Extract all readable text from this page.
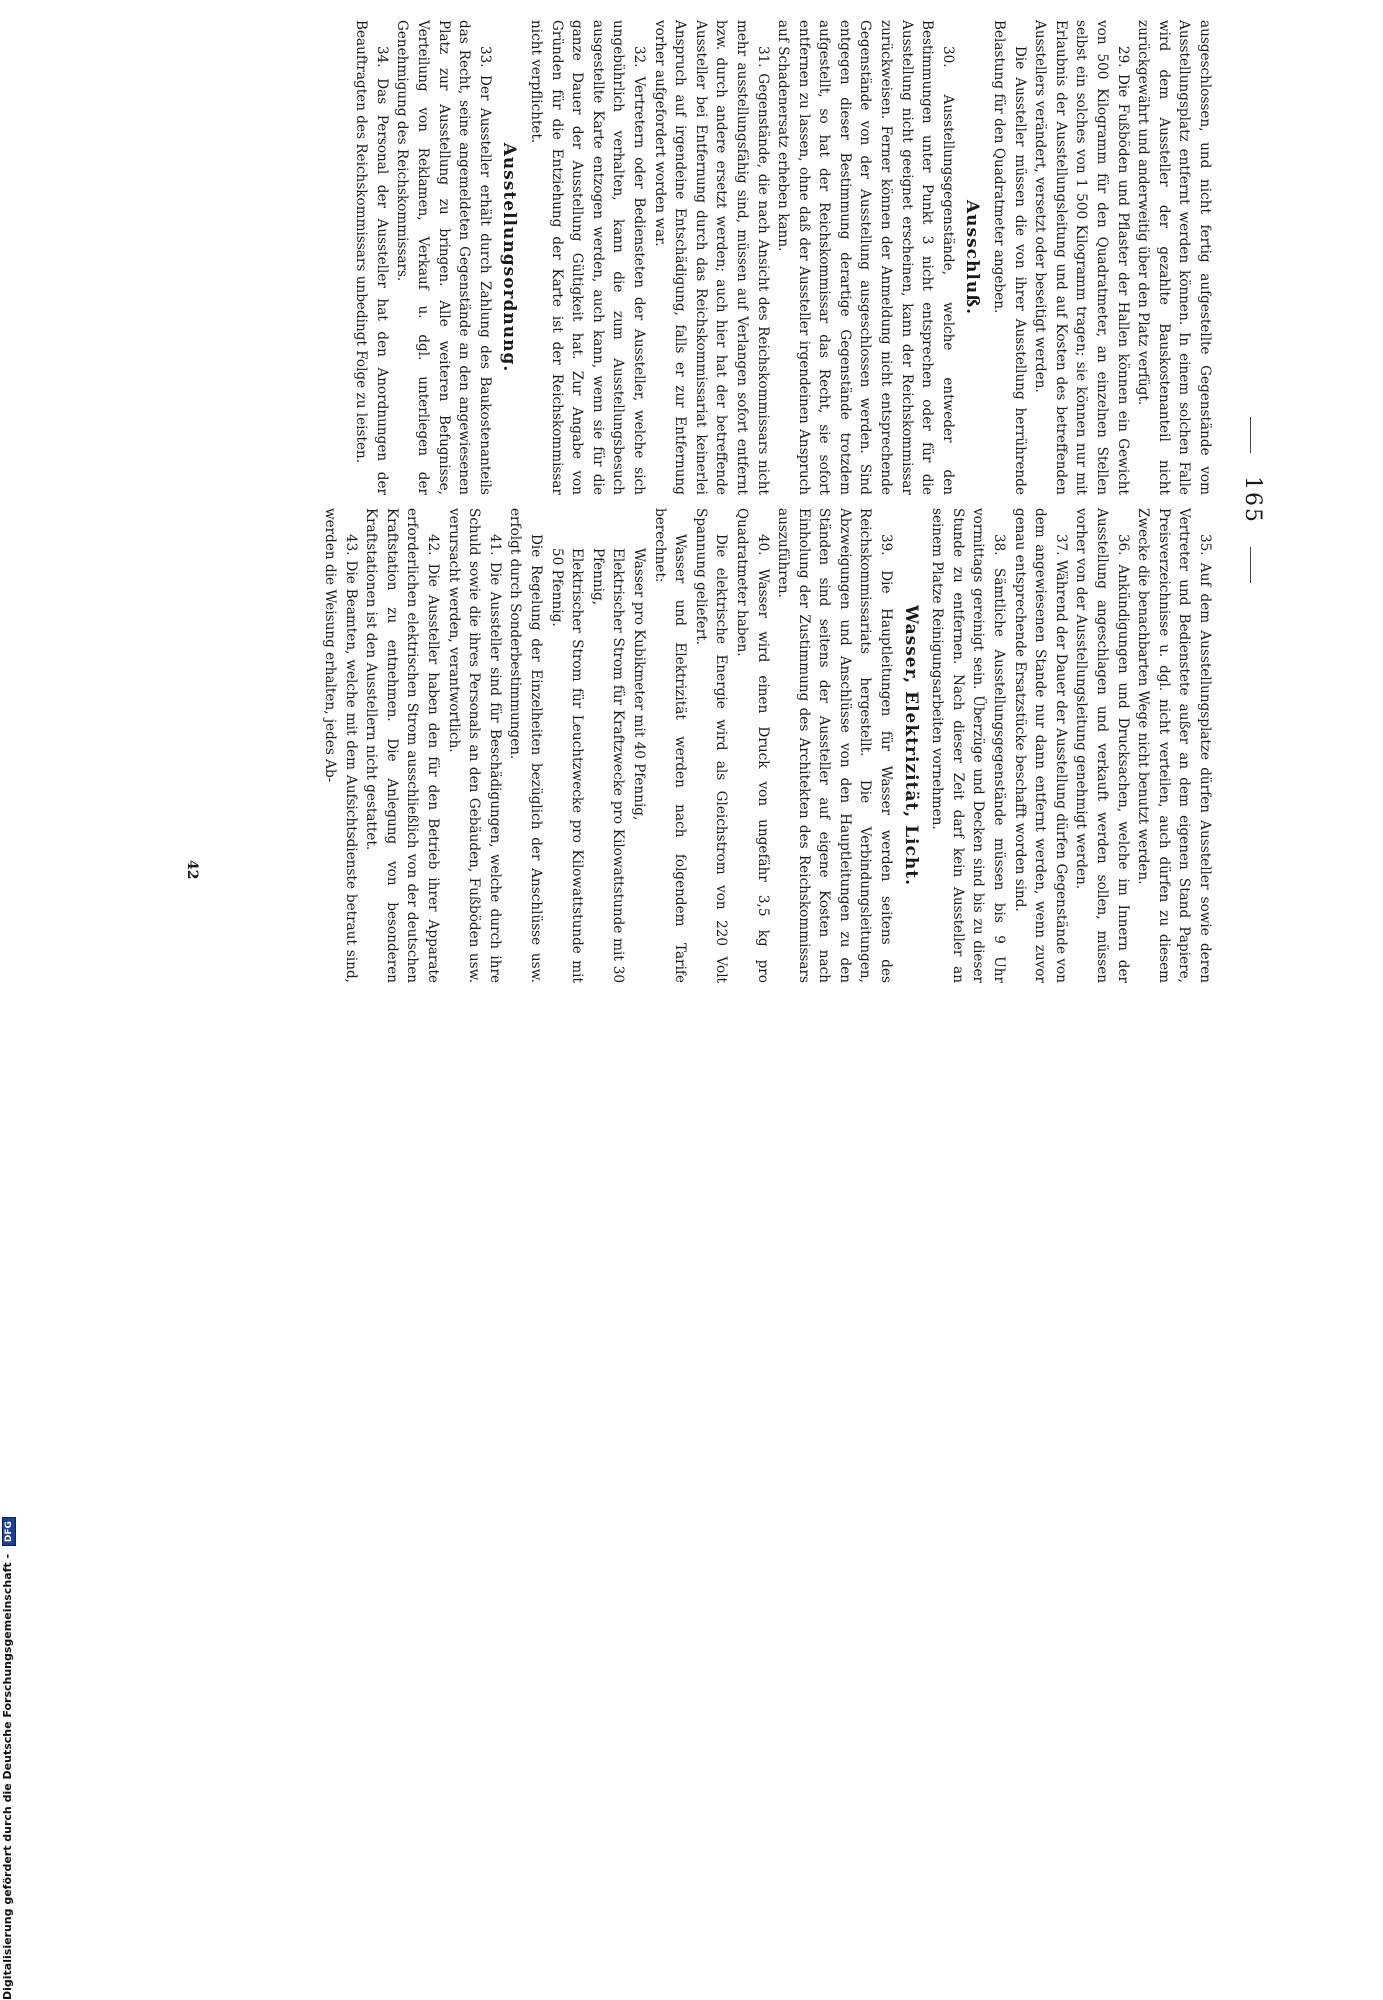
165

ausgeschlossen, und nicht fertig aufgestellte Gegenstände vom Ausstellungsplatz entfernt werden können. In einem solchen Falle wird dem Aussteller der gezahlte Bauskostenanteil nicht zurückgewährt und anderweitig über den Platz verfügt.

29. Die Fußböden und Pflaster der Hallen können ein Gewicht von 500 Kilogramm für den Quadratmeter, an einzelnen Stellen selbst ein solches von 1 500 Kilogramm tragen; sie können nur mit Erlaubnis der Ausstellungsleitung und auf Kosten des betreffenden Ausstellers verändert, versetzt oder beseitigt werden.

Die Aussteller müssen die von ihrer Ausstellung herrührende Belastung für den Quadratmeter angeben.

Ausschluß.

30. Ausstellungsgegenstände, welche entweder den Bestimmungen unter Punkt 3 nicht entsprechen oder für die Ausstellung nicht geeignet erscheinen, kann der Reichskommissar zurückweisen. Ferner können der Anmeldung nicht entsprechende Gegenstände von der Ausstellung ausgeschlossen werden. Sind entgegen dieser Bestimmung derartige Gegenstände trotzdem aufgestellt, so hat der Reichskommissar das Recht, sie sofort entfernen zu lassen, ohne daß der Aussteller irgendeinen Anspruch auf Schadenersatz erheben kann.

31. Gegenstände, die nach Ansicht des Reichskommissars nicht mehr ausstellungsfähig sind, müssen auf Verlangen sofort entfernt bzw. durch andere ersetzt werden; auch hier hat der betreffende Aussteller bei Entfernung durch das Reichskommissariat keinerlei Anspruch auf irgendeine Entschädigung, falls er zur Entfernung vorher aufgefordert worden war.

32. Vertretern oder Bediensteten der Aussteller, welche sich ungebührlich verhalten, kann die zum Ausstellungsbesuch ausgestellte Karte entzogen werden, auch kann, wenn sie für die ganze Dauer der Ausstellung Gültigkeit hat. Zur Angabe von Gründen für die Entziehung der Karte ist der Reichskommissar nicht verpflichtet.

Ausstellungsordnung.

33. Der Aussteller erhält durch Zahlung des Baukostenanteils das Recht, seine angemeldeten Gegenstände an den angewiesenen Platz zur Ausstellung zu bringen. Alle weiteren Befugnisse, Verteilung von Reklamen, Verkauf u. dgl. unterliegen der Genehmigung des Reichskommissars.

34. Das Personal der Aussteller hat den Anordnungen der Beauftragten des Reichskommissars unbedingt Folge zu leisten.

35. Auf dem Ausstellungsplatze dürfen Aussteller sowie deren Vertreter und Bedienstete außer an dem eigenen Stand Papiere, Preisverzeichnisse u. dgl. nicht verteilen, auch dürfen zu diesem Zwecke die benachbarten Wege nicht benutzt werden.

36. Ankündigungen und Drucksachen, welche im Innern der Ausstellung angeschlagen und verkauft werden sollen, müssen vorher von der Ausstellungsleitung genehmigt werden.

37. Während der Dauer der Ausstellung dürfen Gegenstände von dem angewiesenen Stande nur dann entfernt werden, wenn zuvor genau entsprechende Ersatzstücke beschafft worden sind.

38. Sämtliche Ausstellungsgegenstände müssen bis 9 Uhr vormittags gereinigt sein. Überzüge und Decken sind bis zu dieser Stunde zu entfernen. Nach dieser Zeit darf kein Aussteller an seinem Platze Reinigungsarbeiten vornehmen.

Wasser, Elektrizität, Licht.

39. Die Hauptleitungen für Wasser werden seitens des Reichskommissariats hergestellt. Die Verbindungsleitungen, Abzweigungen und Anschlüsse von den Hauptleitungen zu den Ständen sind seitens der Aussteller auf eigene Kosten nach Einholung der Zustimmung des Architekten des Reichskommissars auszuführen.

40. Wasser wird einen Druck von ungefähr 3,5 kg pro Quadratmeter haben.

Die elektrische Energie wird als Gleichstrom von 220 Volt Spannung geliefert.

Wasser und Elektrizität werden nach folgendem Tarife berechnet:

Wasser pro Kubikmeter mit 40 Pfennig,

Elektrischer Strom für Kraftzwecke pro Kilowattstunde mit 30 Pfennig,

Elektrischer Strom für Leuchtzwecke pro Kilowattstunde mit 50 Pfennig.

Die Regelung der Einzelheiten bezüglich der Anschlüsse usw. erfolgt durch Sonderbestimmungen.

41. Die Aussteller sind für Beschädigungen, welche durch ihre Schuld sowie die ihres Personals an den Gebäuden, Fußböden usw. verursacht werden, verantwortlich.

42. Die Aussteller haben den für den Betrieb ihrer Apparate erforderlichen elektrischen Strom ausschließlich von der deutschen Kraftstation zu entnehmen. Die Anlegung von besonderen Kraftstationen ist den Ausstellern nicht gestattet.

43. Die Beamten, welche mit dem Aufsichtsdienste betraut sind, werden die Weisung erhalten, jedes Ab-

42
Digitalisierung gefördert durch die Deutsche Forschungsgemeinschaft - DFG
